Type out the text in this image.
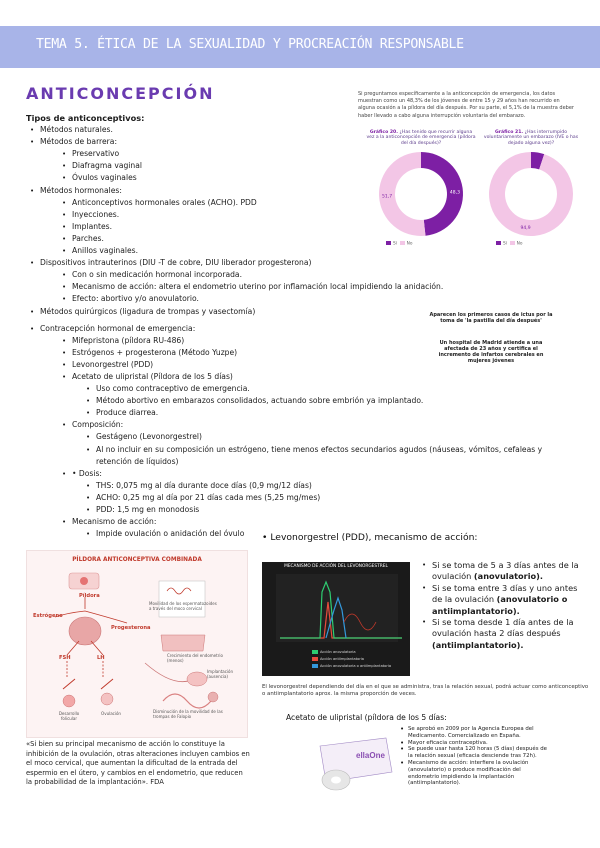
TEMA 5. ÉTICA DE LA SEXUALIDAD Y PROCREACIÓN RESPONSABLE
ANTICONCEPCIÓN
Tipos de anticonceptivos:
• Métodos naturales.
• Métodos de barrera:
• Preservativo
• Diafragma vaginal
• Óvulos vaginales
• Métodos hormonales:
• Anticonceptivos hormonales orales (ACHO). PDD
• Inyecciones.
• Implantes.
• Parches.
• Anillos vaginales.
• Dispositivos intrauterinos (DIU -T de cobre, DIU liberador progesterona)
• Con o sin medicación hormonal incorporada.
• Mecanismo de acción: altera el endometrio uterino por inflamación local impidiendo la anidación.
• Efecto: abortivo y/o anovulatorio.
• Métodos quirúrgicos (ligadura de trompas y vasectomía)
• Contracepción hormonal de emergencia:
• Mifepristona (píldora RU-486)
• Estrógenos + progesterona (Método Yuzpe)
• Levonorgestrel (PDD)
• Acetato de ulipristal (Píldora de los 5 días)
• Uso como contraceptivo de emergencia.
• Método abortivo en embarazos consolidados, actuando sobre embrión ya implantado.
• Produce diarrea.
• Composición:
• Gestágeno (Levonorgestrel)
• Al no incluir en su composición un estrógeno, tiene menos efectos secundarios agudos (náuseas, vómitos, cefaleas y retención de líquidos)
• • Dosis:
• THS: 0,075 mg al día durante doce días (0,9 mg/12 días)
• ACHO: 0,25 mg al día por 21 días cada mes (5,25 mg/mes)
• PDD: 1,5 mg en monodosis
• Mecanismo de acción:
• Impide ovulación o anidación del óvulo
Si preguntamos específicamente a la anticoncepción de emergencia, los datos muestran como un 48,3% de los jóvenes de entre 15 y 29 años han recurrido en alguna ocasión a la píldora del día después. Por su parte, el 5,1% de la muestra deber haber llevado a cabo alguna interrupción voluntaria del embarazo.
Gráfico 20. ¿Has tenido que recurrir alguna vez a la anticoncepción de emergencia (píldora del día después)?
48,3
51,7
Sí No
Gráfico 21. ¿Has interrumpido voluntariamente un embarazo (IVE o has dejado alguna vez)?
94,9
Sí No
Aparecen los primeros casos de ictus por la toma de 'la pastilla del día después'
Un hospital de Madrid atiende a una afectada de 23 años y certifica el incremento de infartos cerebrales en mujeres jóvenes
PÍLDORA ANTICONCEPTIVA COMBINADA
Píldora
Estrógeno
Progesterona
FSH	LH
Desarrollo folicular
Ovulación
Movilidad de los espermatozoides a través del moco cervical
Crecimiento del endometrio (menos)
Implantación (ausencia)
Disminución de la movilidad de las trompas de Falopio
«Si bien su principal mecanismo de acción lo constituye la inhibición de la ovulación, otras alteraciones incluyen cambios en el moco cervical, que aumentan la dificultad de la entrada del espermio en el útero, y cambios en el endometrio, que reducen la probabilidad de la implantación». FDA
• Levonorgestrel (PDD), mecanismo de acción:
MECANISMO DE ACCIÓN DEL LEVONORGESTREL
Acción anovulatoria
Acción antiimplantatoria
Acción anovulatoria o antiimplantatoria
• Si se toma de 5 a 3 días antes de la ovulación (anovulatorio).
• Si se toma entre 3 días y uno antes de la ovulación (anovulatorio o antiimplantatorio).
• Si se toma desde 1 día antes de la ovulación hasta 2 días después (antiimplantatorio).
El levonorgestrel dependiendo del día en el que se administra, tras la relación sexual, podrá actuar como anticonceptivo o antiimplantatorio aprox. la misma proporción de veces.
Acetato de ulipristal (píldora de los 5 días:
ellaOne
• Se aprobó en 2009 por la Agencia Europea del Medicamento. Comercializado en España.
• Mayor eficacia contraceptiva.
• Se puede usar hasta 120 horas (5 días) después de la relación sexual (eficacia desciende tras 72h).
• Mecanismo de acción: interfiere la ovulación (anovulatorio) o produce modificación del endometrio impidiendo la implantación (antiimplantatorio).
